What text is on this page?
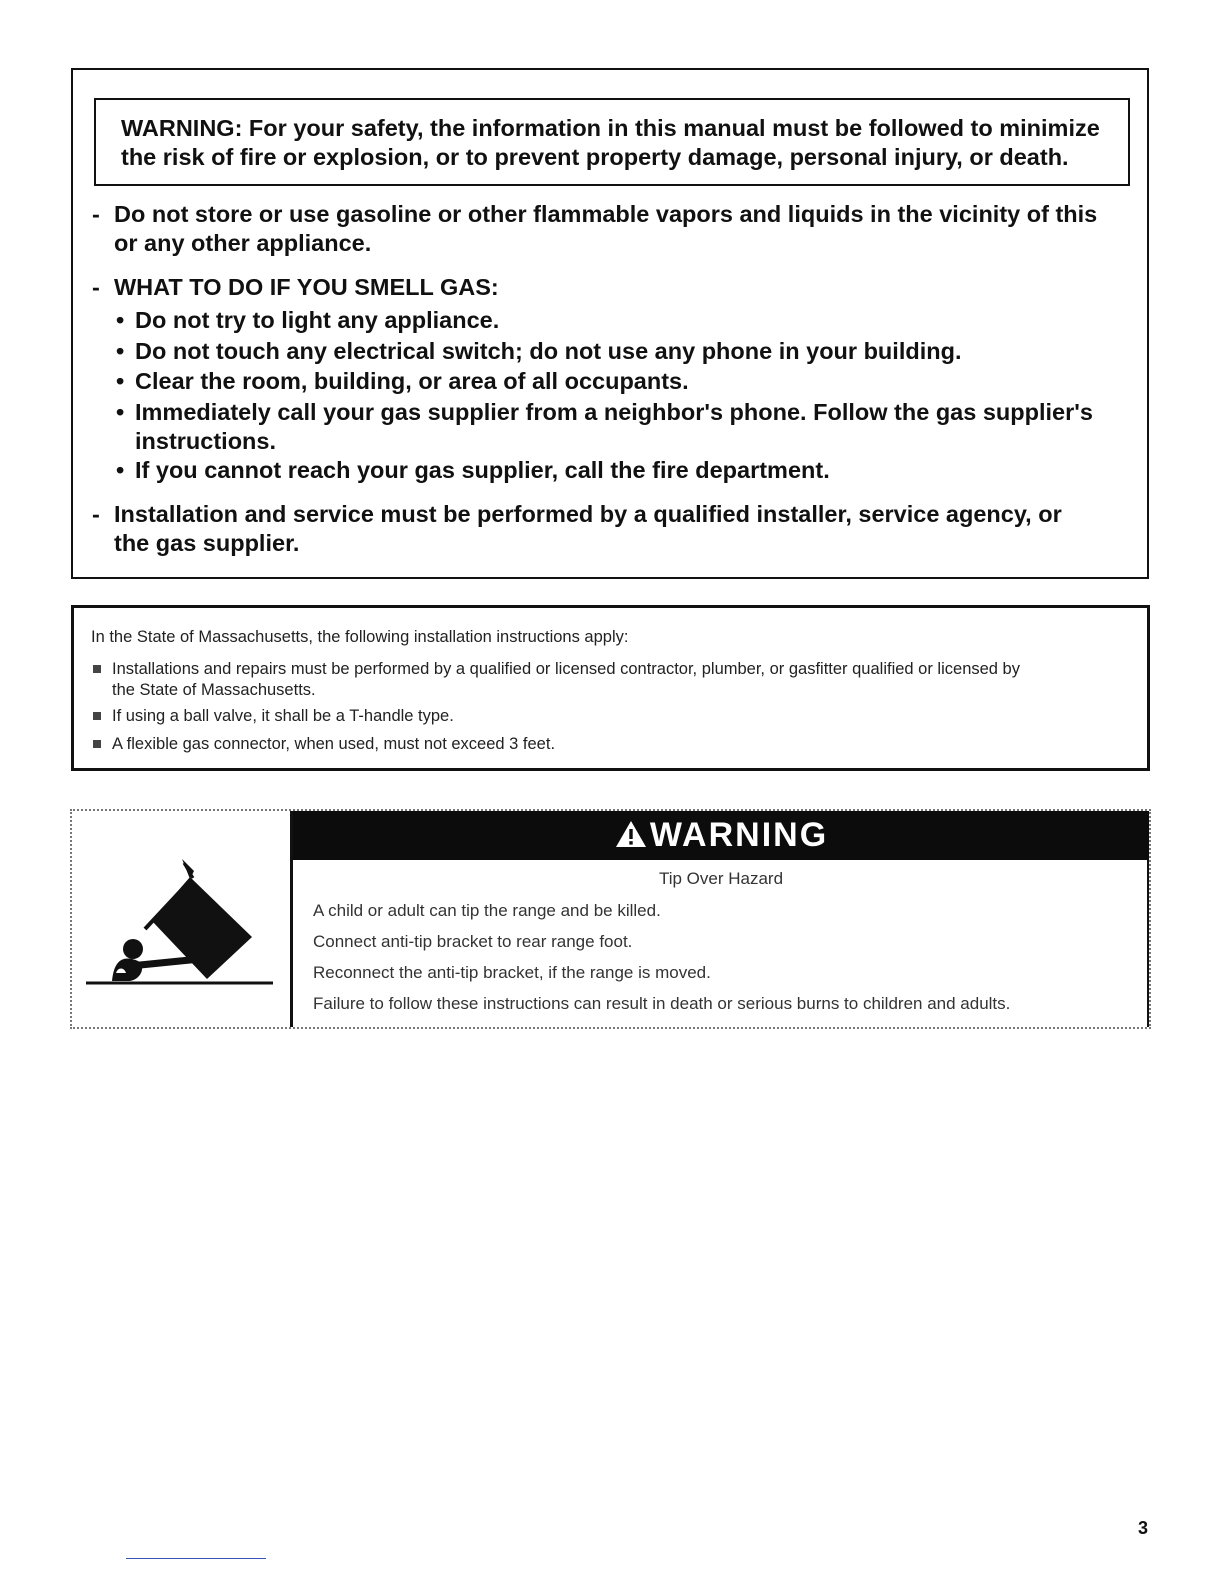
WARNING: For your safety, the information in this manual must be followed to minimize
the risk of fire or explosion, or to prevent property damage, personal injury, or death.
- Do not store or use gasoline or other flammable vapors and liquids in the vicinity of this
or any other appliance.
- WHAT TO DO IF YOU SMELL GAS:
• Do not try to light any appliance.
• Do not touch any electrical switch; do not use any phone in your building.
• Clear the room, building, or area of all occupants.
• Immediately call your gas supplier from a neighbor's phone. Follow the gas supplier's
instructions.
• If you cannot reach your gas supplier, call the fire department.
- Installation and service must be performed by a qualified installer, service agency, or
the gas supplier.
In the State of Massachusetts, the following installation instructions apply:
Installations and repairs must be performed by a qualified or licensed contractor, plumber, or gasfitter qualified or licensed by
the State of Massachusetts.
If using a ball valve, it shall be a T-handle type.
A flexible gas connector, when used, must not exceed 3 feet.
WARNING
Tip Over Hazard
A child or adult can tip the range and be killed.
Connect anti-tip bracket to rear range foot.
Reconnect the anti-tip bracket, if the range is moved.
Failure to follow these instructions can result in death or serious burns to children and adults.
3
